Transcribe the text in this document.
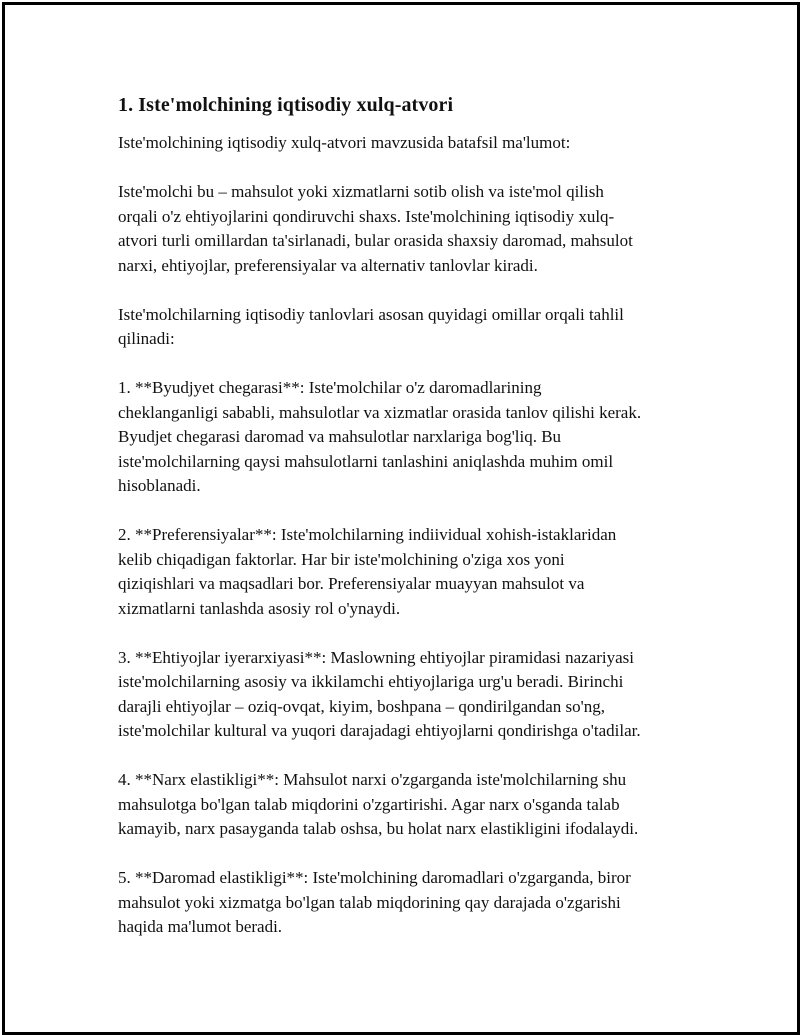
1. Iste'molchining iqtisodiy xulq-atvori

Iste'molchining iqtisodiy xulq-atvori mavzusida batafsil ma'lumot:

Iste'molchi bu – mahsulot yoki xizmatlarni sotib olish va iste'mol qilish
orqali o'z ehtiyojlarini qondiruvchi shaxs. Iste'molchining iqtisodiy xulq-
atvori turli omillardan ta'sirlanadi, bular orasida shaxsiy daromad, mahsulot
narxi, ehtiyojlar, preferensiyalar va alternativ tanlovlar kiradi.

Iste'molchilarning iqtisodiy tanlovlari asosan quyidagi omillar orqali tahlil
qilinadi:

1. **Byudjyet chegarasi**: Iste'molchilar o'z daromadlarining
cheklanganligi sababli, mahsulotlar va xizmatlar orasida tanlov qilishi kerak.
Byudjet chegarasi daromad va mahsulotlar narxlariga bog'liq. Bu
iste'molchilarning qaysi mahsulotlarni tanlashini aniqlashda muhim omil
hisoblanadi.

2. **Preferensiyalar**: Iste'molchilarning indiividual xohish-istaklaridan
kelib chiqadigan faktorlar. Har bir iste'molchining o'ziga xos yoni
qiziqishlari va maqsadlari bor. Preferensiyalar muayyan mahsulot va
xizmatlarni tanlashda asosiy rol o'ynaydi.

3. **Ehtiyojlar iyerarxiyasi**: Maslowning ehtiyojlar piramidasi nazariyasi
iste'molchilarning asosiy va ikkilamchi ehtiyojlariga urg'u beradi. Birinchi
darajli ehtiyojlar – oziq-ovqat, kiyim, boshpana – qondirilgandan so'ng,
iste'molchilar kultural va yuqori darajadagi ehtiyojlarni qondirishga o'tadilar.

4. **Narx elastikligi**: Mahsulot narxi o'zgarganda iste'molchilarning shu
mahsulotga bo'lgan talab miqdorini o'zgartirishi. Agar narx o'sganda talab
kamayib, narx pasayganda talab oshsa, bu holat narx elastikligini ifodalaydi.

5. **Daromad elastikligi**: Iste'molchining daromadlari o'zgarganda, biror
mahsulot yoki xizmatga bo'lgan talab miqdorining qay darajada o'zgarishi
haqida ma'lumot beradi.
